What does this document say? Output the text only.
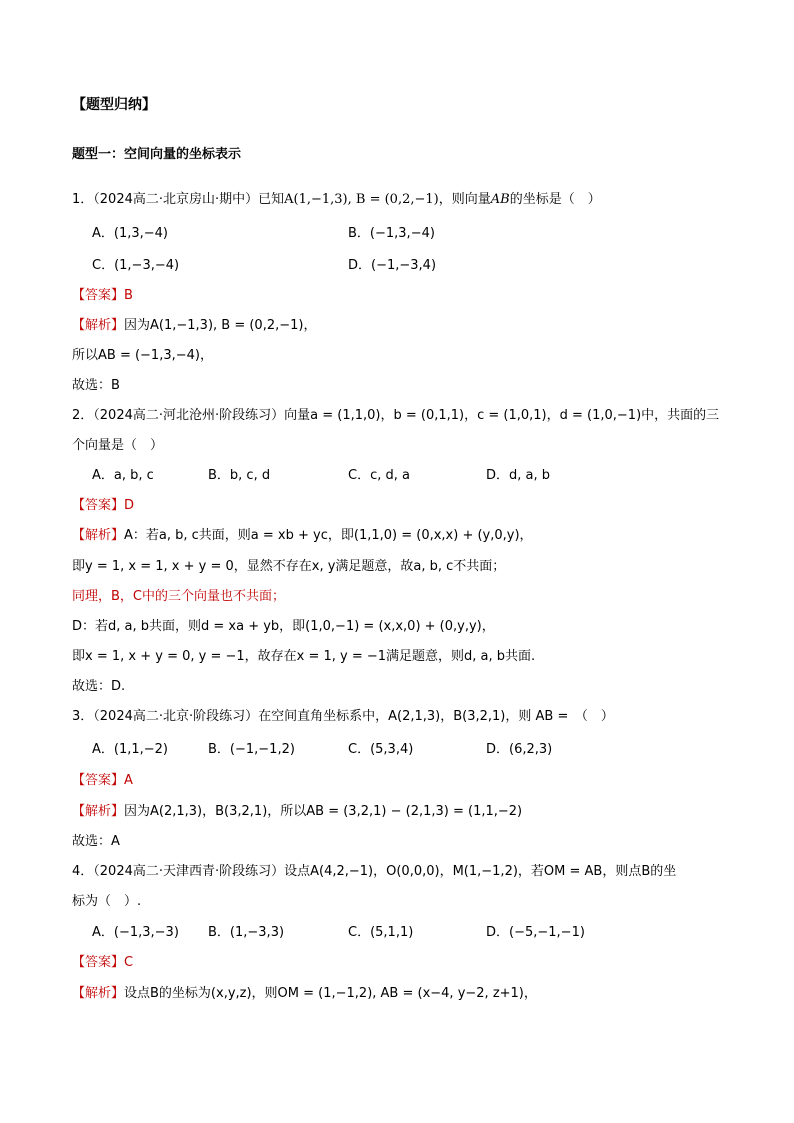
【题型归纳】
题型一：空间向量的坐标表示
1．（2024高二·北京房山·期中）已知A(1,−1,3), B = (0,2,−1)，则向量AB的坐标是（　）
A．(1,3,−4)	B．(−1,3,−4)
C．(1,−3,−4)	D．(−1,−3,4)
【答案】B
【解析】因为A(1,−1,3), B = (0,2,−1)，
所以AB = (−1,3,−4)，
故选：B
2．（2024高二·河北沧州·阶段练习）向量a = (1,1,0)，b = (0,1,1)，c = (1,0,1)，d = (1,0,−1)中，共面的三
个向量是（　）
A．a, b, c	B．b, c, d	C．c, d, a	D．d, a, b
【答案】D
【解析】A：若a, b, c共面，则a = xb + yc，即(1,1,0) = (0,x,x) + (y,0,y)，
即y = 1, x = 1, x + y = 0，显然不存在x, y满足题意，故a, b, c不共面；
同理，B，C中的三个向量也不共面；
D：若d, a, b共面，则d = xa + yb，即(1,0,−1) = (x,x,0) + (0,y,y)，
即x = 1, x + y = 0, y = −1，故存在x = 1, y = −1满足题意，则d, a, b共面.
故选：D.
3．（2024高二·北京·阶段练习）在空间直角坐标系中，A(2,1,3)，B(3,2,1)，则 AB =　（　）
A．(1,1,−2)	B．(−1,−1,2)	C．(5,3,4)	D．(6,2,3)
【答案】A
【解析】因为A(2,1,3)，B(3,2,1)，所以AB = (3,2,1) − (2,1,3) = (1,1,−2)
故选：A
4．（2024高二·天津西青·阶段练习）设点A(4,2,−1)，O(0,0,0)，M(1,−1,2)，若OM = AB，则点B的坐
标为（　）.
A．(−1,3,−3) B．(1,−3,3)	C．(5,1,1)	D．(−5,−1,−1)
【答案】C
【解析】设点B的坐标为(x,y,z)，则OM = (1,−1,2), AB = (x−4, y−2, z+1)，
